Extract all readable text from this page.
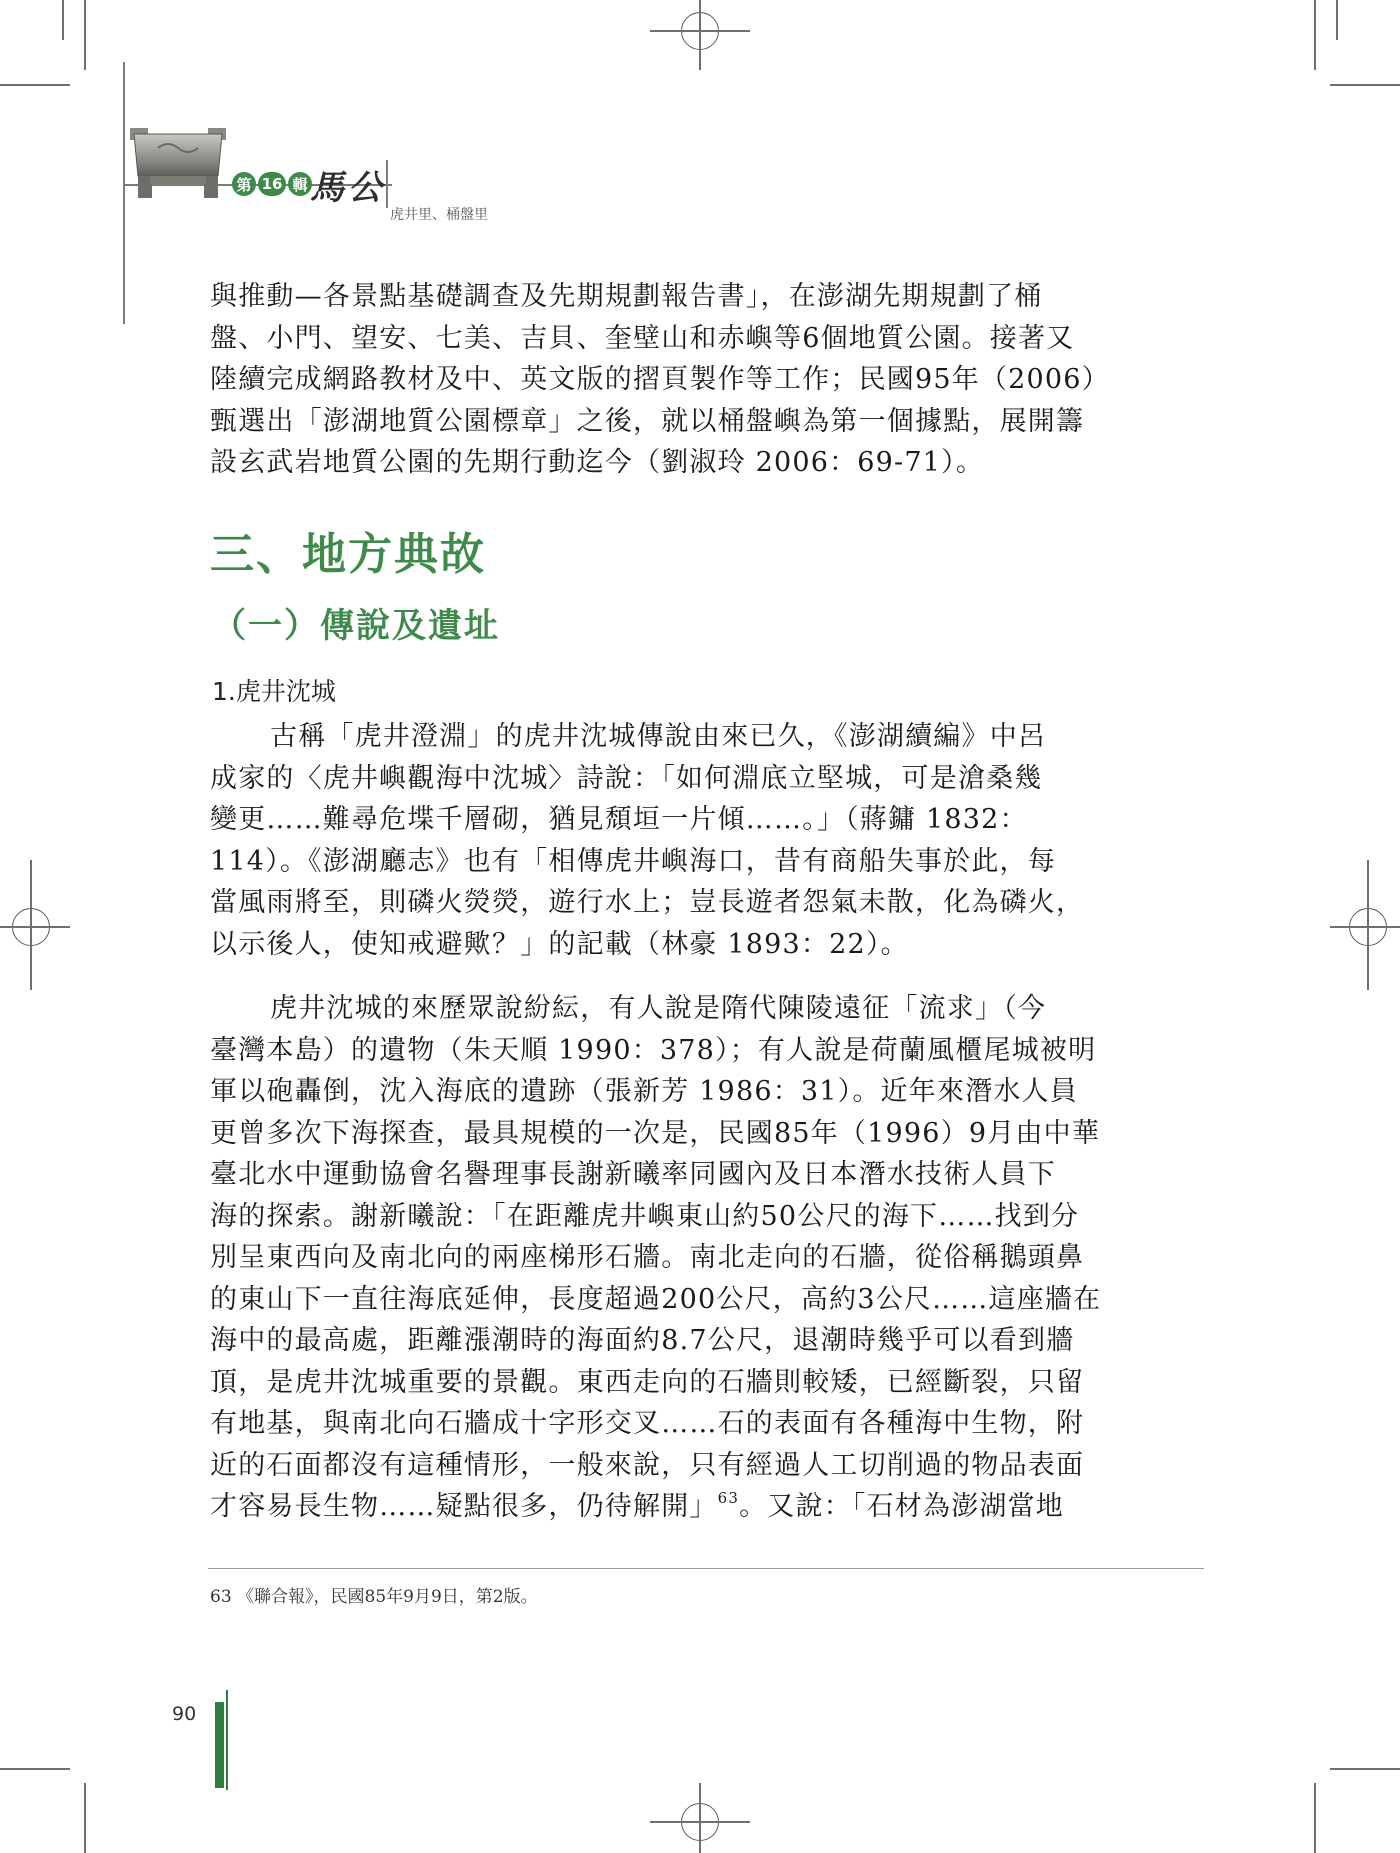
第 16 輯 馬公
虎井里、桶盤里

與推動—各景點基礎調查及先期規劃報告書」，在澎湖先期規劃了桶

盤、小門、望安、七美、吉貝、奎壁山和赤嶼等6個地質公園。接著又

陸續完成網路教材及中、英文版的摺頁製作等工作；民國95年（2006）

甄選出「澎湖地質公園標章」之後，就以桶盤嶼為第一個據點，展開籌

設玄武岩地質公園的先期行動迄今（劉淑玲 2006：69-71）。

三、地方典故
（一）傳說及遺址
1.虎井沈城

古稱「虎井澄淵」的虎井沈城傳說由來已久，《澎湖續編》中呂

成家的〈虎井嶼觀海中沈城〉詩說：「如何淵底立堅城，可是滄桑幾

變更……難尋危堞千層砌，猶見頹垣一片傾……。」（蔣鏞 1832：

114）。《澎湖廳志》也有「相傳虎井嶼海口，昔有商船失事於此，每

當風雨將至，則磷火熒熒，遊行水上；豈長遊者怨氣未散，化為磷火，

以示後人，使知戒避歟？」的記載（林豪 1893：22）。

虎井沈城的來歷眾說紛紜，有人說是隋代陳陵遠征「流求」（今

臺灣本島）的遺物（朱天順 1990：378）；有人說是荷蘭風櫃尾城被明

軍以砲轟倒，沈入海底的遺跡（張新芳 1986：31）。近年來潛水人員

更曾多次下海探查，最具規模的一次是，民國85年（1996）9月由中華

臺北水中運動協會名譽理事長謝新曦率同國內及日本潛水技術人員下

海的探索。謝新曦說：「在距離虎井嶼東山約50公尺的海下……找到分

別呈東西向及南北向的兩座梯形石牆。南北走向的石牆，從俗稱鵝頭鼻

的東山下一直往海底延伸，長度超過200公尺，高約3公尺……這座牆在

海中的最高處，距離漲潮時的海面約8.7公尺，退潮時幾乎可以看到牆

頂，是虎井沈城重要的景觀。東西走向的石牆則較矮，已經斷裂，只留

有地基，與南北向石牆成十字形交叉……石的表面有各種海中生物，附

近的石面都沒有這種情形，一般來說，只有經過人工切削過的物品表面

才容易長生物……疑點很多，仍待解開」$^{63}$。又說：「石材為澎湖當地

63 《聯合報》，民國85年9月9日，第2版。
90
